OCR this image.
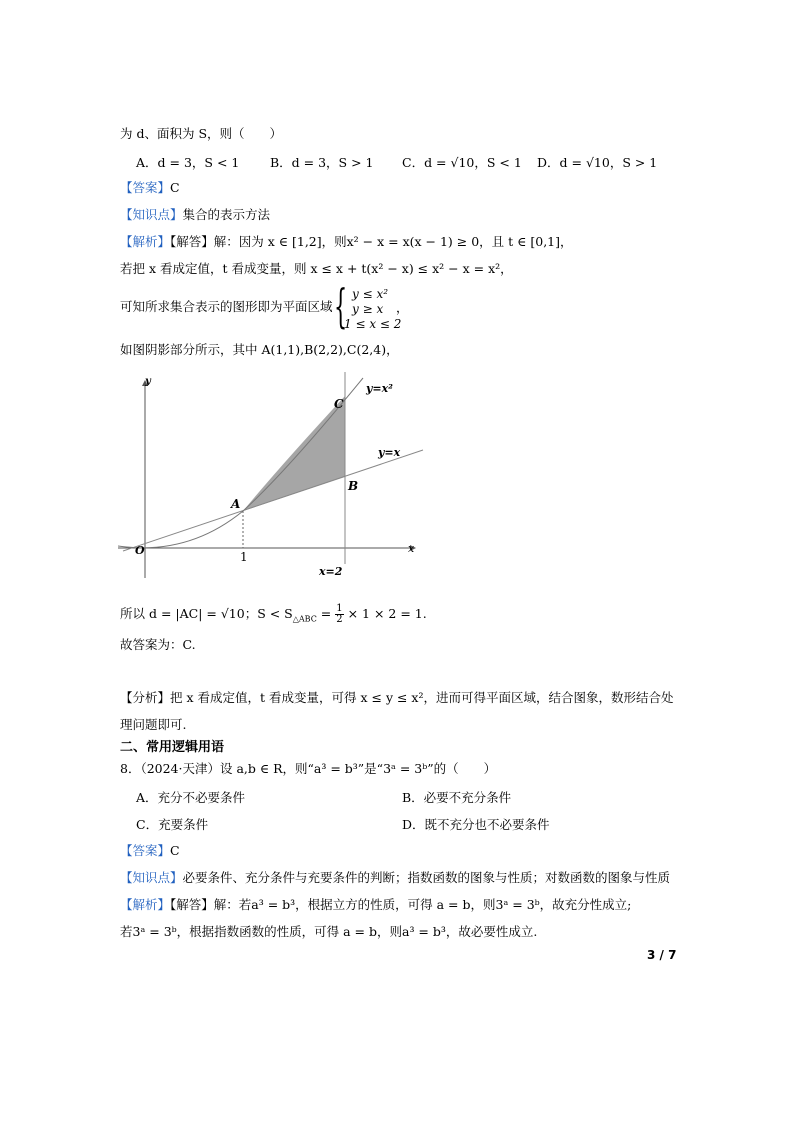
为 d、面积为 S，则（　　）
A．d = 3，S < 1 B．d = 3，S > 1 C．d = √10，S < 1 D．d = √10，S > 1
【答案】C
【知识点】集合的表示方法
【解析】【解答】解：因为 x ∈ [1,2]，则x² − x = x(x − 1) ≥ 0，且 t ∈ [0,1]，
若把 x 看成定值，t 看成变量，则 x ≤ x + t(x² − x) ≤ x² − x = x²，
可知所求集合表示的图形即为平面区域 { y ≤ x²
y ≥ x
1 ≤ x ≤ 2
，
如图阴影部分所示，其中 A(1,1),B(2,2),C(2,4)，
y
x
O	1
A
B
C
y=x²
y=x
x=2
所以 d = |AC| = √10；$S < S_{\triangle ABC} = \frac{1}{2} \times 1 \times 2 = 1$.
故答案为：C.
【分析】把 x 看成定值，t 看成变量，可得 x ≤ y ≤ x²，进而可得平面区域，结合图象，数形结合处
理问题即可.
二、常用逻辑用语
8．（2024·天津）设 a,b ∈ R，则“a³ = b³”是“3ᵃ = 3ᵇ”的（　　）
A．充分不必要条件	B．必要不充分条件
C．充要条件	D．既不充分也不必要条件
【答案】C
【知识点】必要条件、充分条件与充要条件的判断；指数函数的图象与性质；对数函数的图象与性质
【解析】【解答】解：若a³ = b³，根据立方的性质，可得 a = b，则3ᵃ = 3ᵇ，故充分性成立;
若3ᵃ = 3ᵇ，根据指数函数的性质，可得 a = b，则a³ = b³，故必要性成立.
3 / 7
